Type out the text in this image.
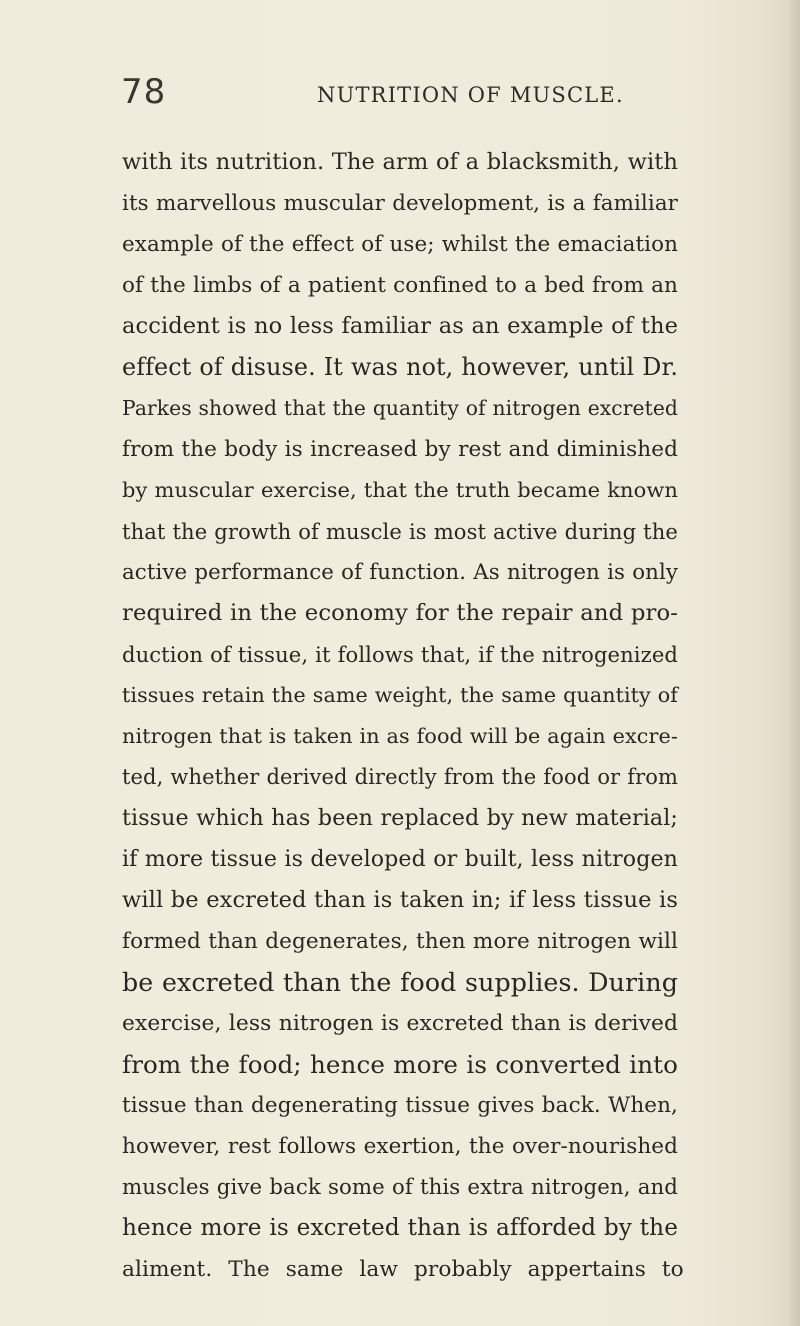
78	NUTRITION OF MUSCLE.
with its nutrition. The arm of a blacksmith, with
its marvellous muscular development, is a familiar
example of the effect of use; whilst the emaciation
of the limbs of a patient confined to a bed from an
accident is no less familiar as an example of the
effect of disuse. It was not, however, until Dr.
Parkes showed that the quantity of nitrogen excreted
from the body is increased by rest and diminished
by muscular exercise, that the truth became known
that the growth of muscle is most active during the
active performance of function. As nitrogen is only
required in the economy for the repair and pro-
duction of tissue, it follows that, if the nitrogenized
tissues retain the same weight, the same quantity of
nitrogen that is taken in as food will be again excre-
ted, whether derived directly from the food or from
tissue which has been replaced by new material;
if more tissue is developed or built, less nitrogen
will be excreted than is taken in; if less tissue is
formed than degenerates, then more nitrogen will
be excreted than the food supplies. During
exercise, less nitrogen is excreted than is derived
from the food; hence more is converted into
tissue than degenerating tissue gives back. When,
however, rest follows exertion, the over-nourished
muscles give back some of this extra nitrogen, and
hence more is excreted than is afforded by the
aliment. The same law probably appertains to
